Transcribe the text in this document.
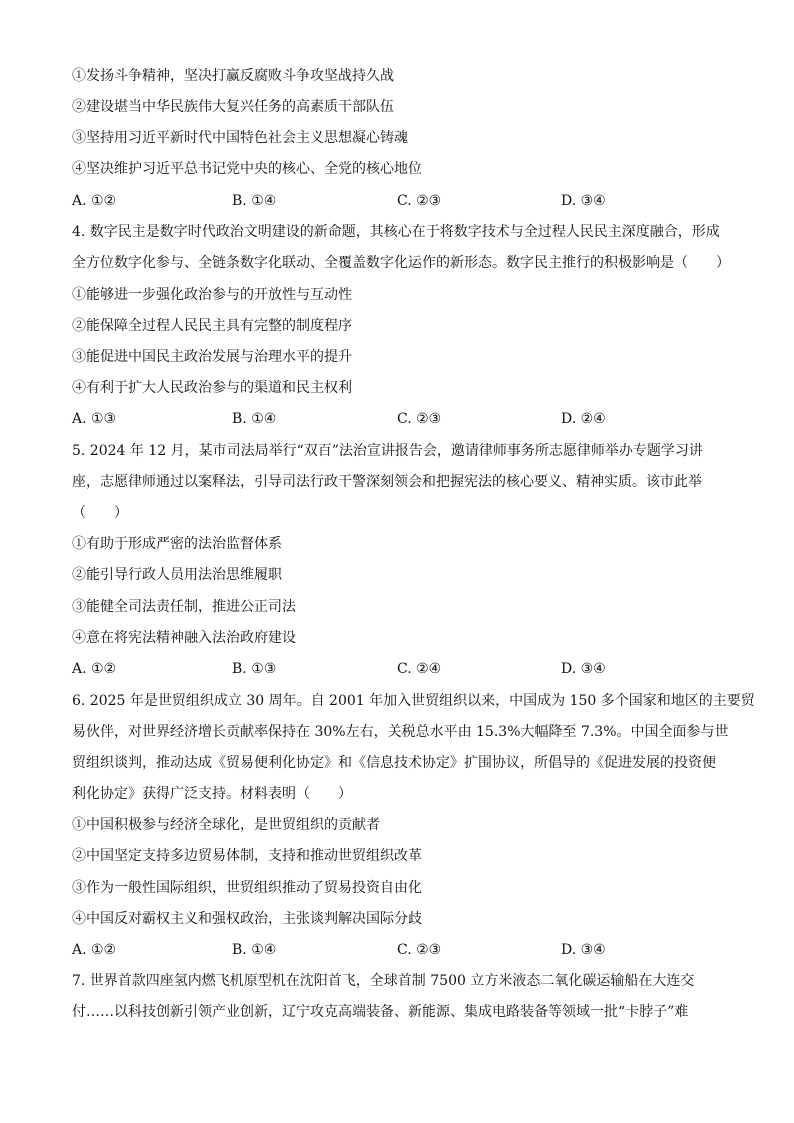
①发扬斗争精神，坚决打赢反腐败斗争攻坚战持久战
②建设堪当中华民族伟大复兴任务的高素质干部队伍
③坚持用习近平新时代中国特色社会主义思想凝心铸魂
④坚决维护习近平总书记党中央的核心、全党的核心地位
A. ①②	B. ①④	C. ②③	D. ③④
4. 数字民主是数字时代政治文明建设的新命题，其核心在于将数字技术与全过程人民民主深度融合，形成
全方位数字化参与、全链条数字化联动、全覆盖数字化运作的新形态。数字民主推行的积极影响是（　　）
①能够进一步强化政治参与的开放性与互动性
②能保障全过程人民民主具有完整的制度程序
③能促进中国民主政治发展与治理水平的提升
④有利于扩大人民政治参与的渠道和民主权利
A. ①③	B. ①④	C. ②③	D. ②④
5. 2024 年 12 月，某市司法局举行“双百”法治宣讲报告会，邀请律师事务所志愿律师举办专题学习讲
座，志愿律师通过以案释法，引导司法行政干警深刻领会和把握宪法的核心要义、精神实质。该市此举
（　　）
①有助于形成严密的法治监督体系
②能引导行政人员用法治思维履职
③能健全司法责任制，推进公正司法
④意在将宪法精神融入法治政府建设
A. ①②	B. ①③	C. ②④	D. ③④
6. 2025 年是世贸组织成立 30 周年。自 2001 年加入世贸组织以来，中国成为 150 多个国家和地区的主要贸
易伙伴，对世界经济增长贡献率保持在 30%左右，关税总水平由 15.3%大幅降至 7.3%。中国全面参与世
贸组织谈判，推动达成《贸易便利化协定》和《信息技术协定》扩围协议，所倡导的《促进发展的投资便
利化协定》获得广泛支持。材料表明（　　）
①中国积极参与经济全球化，是世贸组织的贡献者
②中国坚定支持多边贸易体制，支持和推动世贸组织改革
③作为一般性国际组织，世贸组织推动了贸易投资自由化
④中国反对霸权主义和强权政治，主张谈判解决国际分歧
A. ①②	B. ①④	C. ②③	D. ③④
7. 世界首款四座氢内燃飞机原型机在沈阳首飞，全球首制 7500 立方米液态二氧化碳运输船在大连交
付……以科技创新引领产业创新，辽宁攻克高端装备、新能源、集成电路装备等领域一批“卡脖子”难
